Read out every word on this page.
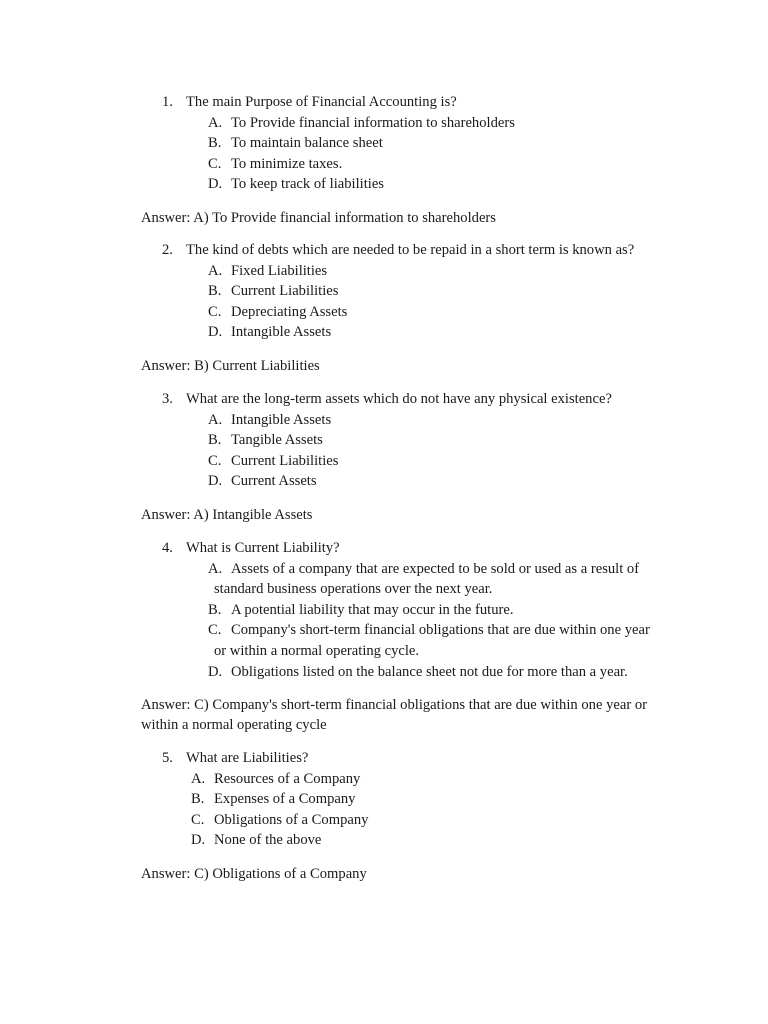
1. The main Purpose of Financial Accounting is?
A. To Provide financial information to shareholders
B. To maintain balance sheet
C. To minimize taxes.
D. To keep track of liabilities
Answer: A) To Provide financial information to shareholders
2. The kind of debts which are needed to be repaid in a short term is known as?
A. Fixed Liabilities
B. Current Liabilities
C. Depreciating Assets
D. Intangible Assets
Answer: B) Current Liabilities
3. What are the long-term assets which do not have any physical existence?
A. Intangible Assets
B. Tangible Assets
C. Current Liabilities
D. Current Assets
Answer: A) Intangible Assets
4. What is Current Liability?
A. Assets of a company that are expected to be sold or used as a result of
standard business operations over the next year.
B. A potential liability that may occur in the future.
C. Company's short-term financial obligations that are due within one year
or within a normal operating cycle.
D. Obligations listed on the balance sheet not due for more than a year.
Answer: C) Company's short-term financial obligations that are due within one year or
within a normal operating cycle
5. What are Liabilities?
A. Resources of a Company
B. Expenses of a Company
C. Obligations of a Company
D. None of the above
Answer: C) Obligations of a Company
